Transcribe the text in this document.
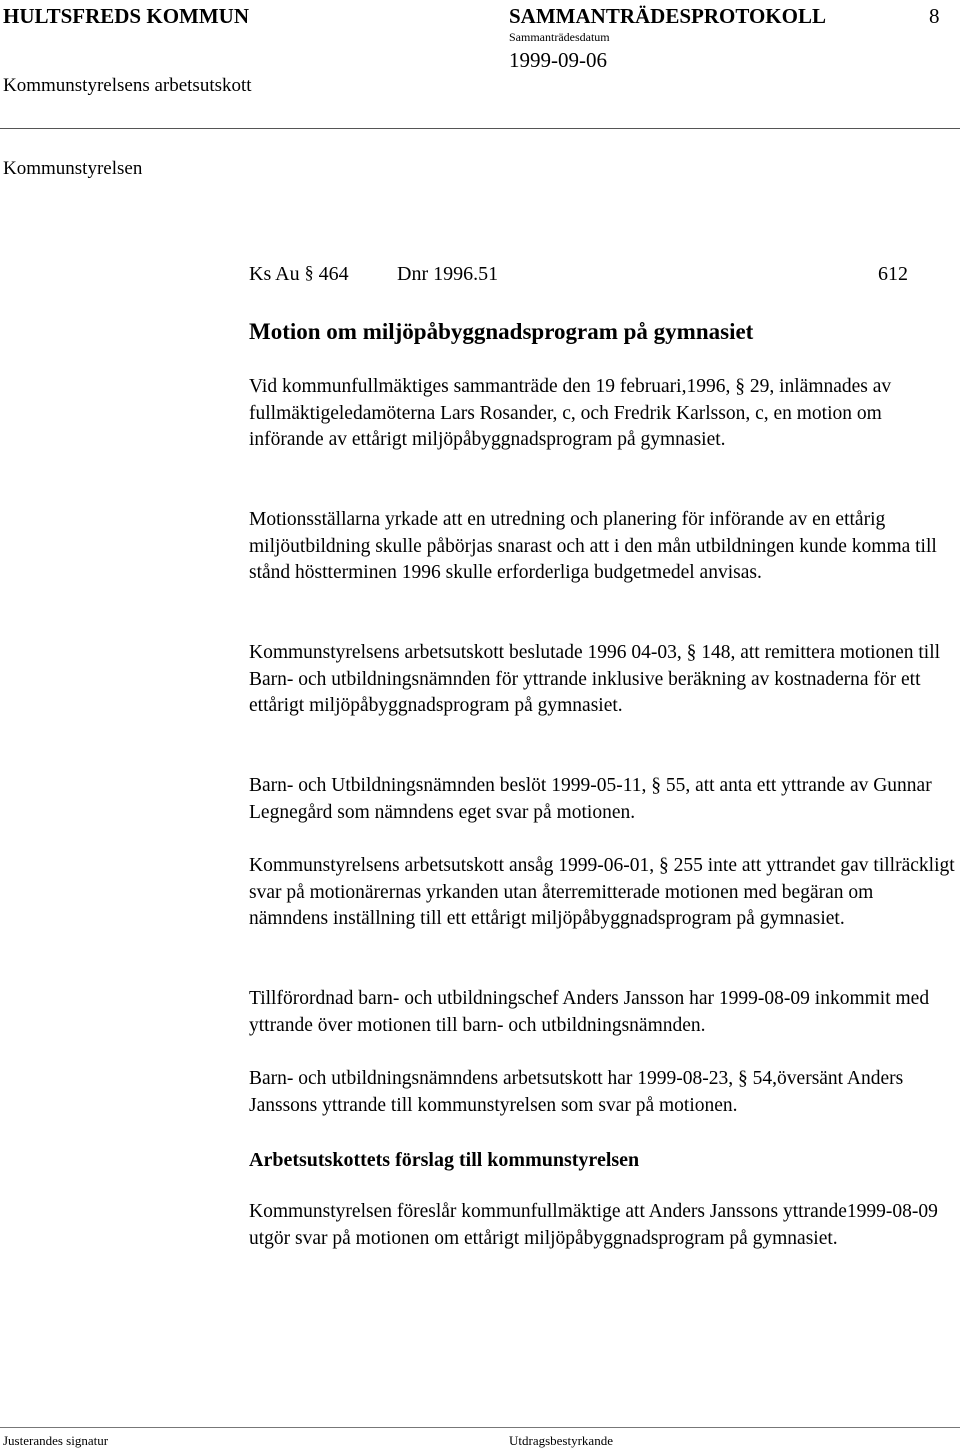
HULTSFREDS KOMMUN	SAMMANTRÄDESPROTOKOLL	8
Sammanträdesdatum
1999-09-06
Kommunstyrelsens arbetsutskott
Kommunstyrelsen
Ks Au § 464 Dnr 1996.51	612
Motion om miljöpåbyggnadsprogram på gymnasiet
Vid kommunfullmäktiges sammanträde den 19 februari,1996, § 29, inlämnades av fullmäktigeledamöterna Lars Rosander, c, och Fredrik Karlsson, c, en motion om införande av ettårigt miljöpåbyggnadsprogram på gymnasiet.
Motionsställarna yrkade att en utredning och planering för införande av en ettårig miljöutbildning skulle påbörjas snarast och att i den mån utbildningen kunde komma till stånd höstterminen 1996 skulle erforderliga budgetmedel anvisas.
Kommunstyrelsens arbetsutskott beslutade 1996 04-03, § 148, att remittera motionen till Barn- och utbildningsnämnden för yttrande inklusive beräkning av kostnaderna för ett ettårigt miljöpåbyggnadsprogram på gymnasiet.
Barn- och Utbildningsnämnden beslöt 1999-05-11, § 55, att anta ett yttrande av Gunnar Legnegård som nämndens eget svar på motionen.
Kommunstyrelsens arbetsutskott ansåg 1999-06-01, § 255 inte att yttrandet gav tillräckligt svar på motionärernas yrkanden utan återremitterade motionen med begäran om nämndens inställning till ett ettårigt miljöpåbyggnadsprogram på gymnasiet.
Tillförordnad barn- och utbildningschef Anders Jansson har 1999-08-09 inkommit med yttrande över motionen till barn- och utbildningsnämnden.
Barn- och utbildningsnämndens arbetsutskott har 1999-08-23, § 54,översänt Anders Janssons yttrande till kommunstyrelsen som svar på motionen.
Arbetsutskottets förslag till kommunstyrelsen
Kommunstyrelsen föreslår kommunfullmäktige att Anders Janssons yttrande1999-08-09 utgör svar på motionen om ettårigt miljöpåbyggnadsprogram på gymnasiet.
Justerandes signatur	Utdragsbestyrkande
